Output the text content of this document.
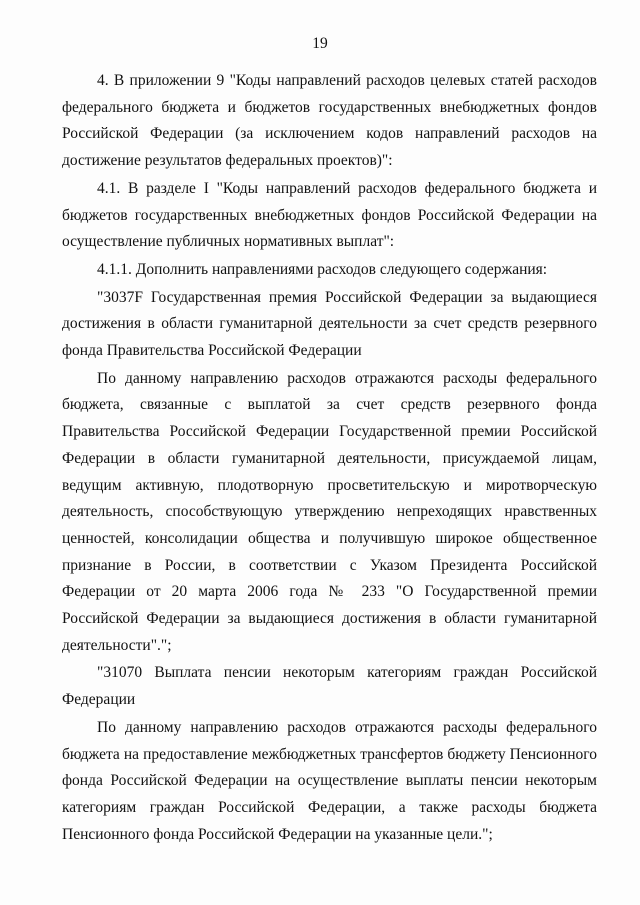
19

4. В приложении 9 "Коды направлений расходов целевых статей расходов федерального бюджета и бюджетов государственных внебюджетных фондов Российской Федерации (за исключением кодов направлений расходов на достижение результатов федеральных проектов)":

4.1. В разделе I "Коды направлений расходов федерального бюджета и бюджетов государственных внебюджетных фондов Российской Федерации на осуществление публичных нормативных выплат":

4.1.1. Дополнить направлениями расходов следующего содержания:

"3037F Государственная премия Российской Федерации за выдающиеся достижения в области гуманитарной деятельности за счет средств резервного фонда Правительства Российской Федерации

По данному направлению расходов отражаются расходы федерального бюджета, связанные с выплатой за счет средств резервного фонда Правительства Российской Федерации Государственной премии Российской Федерации в области гуманитарной деятельности, присуждаемой лицам, ведущим активную, плодотворную просветительскую и миротворческую деятельность, способствующую утверждению непреходящих нравственных ценностей, консолидации общества и получившую широкое общественное признание в России, в соответствии с Указом Президента Российской Федерации от 20 марта 2006 года № 233 "О Государственной премии Российской Федерации за выдающиеся достижения в области гуманитарной деятельности".";

"31070 Выплата пенсии некоторым категориям граждан Российской Федерации

По данному направлению расходов отражаются расходы федерального бюджета на предоставление межбюджетных трансфертов бюджету Пенсионного фонда Российской Федерации на осуществление выплаты пенсии некоторым категориям граждан Российской Федерации, а также расходы бюджета Пенсионного фонда Российской Федерации на указанные цели.";
